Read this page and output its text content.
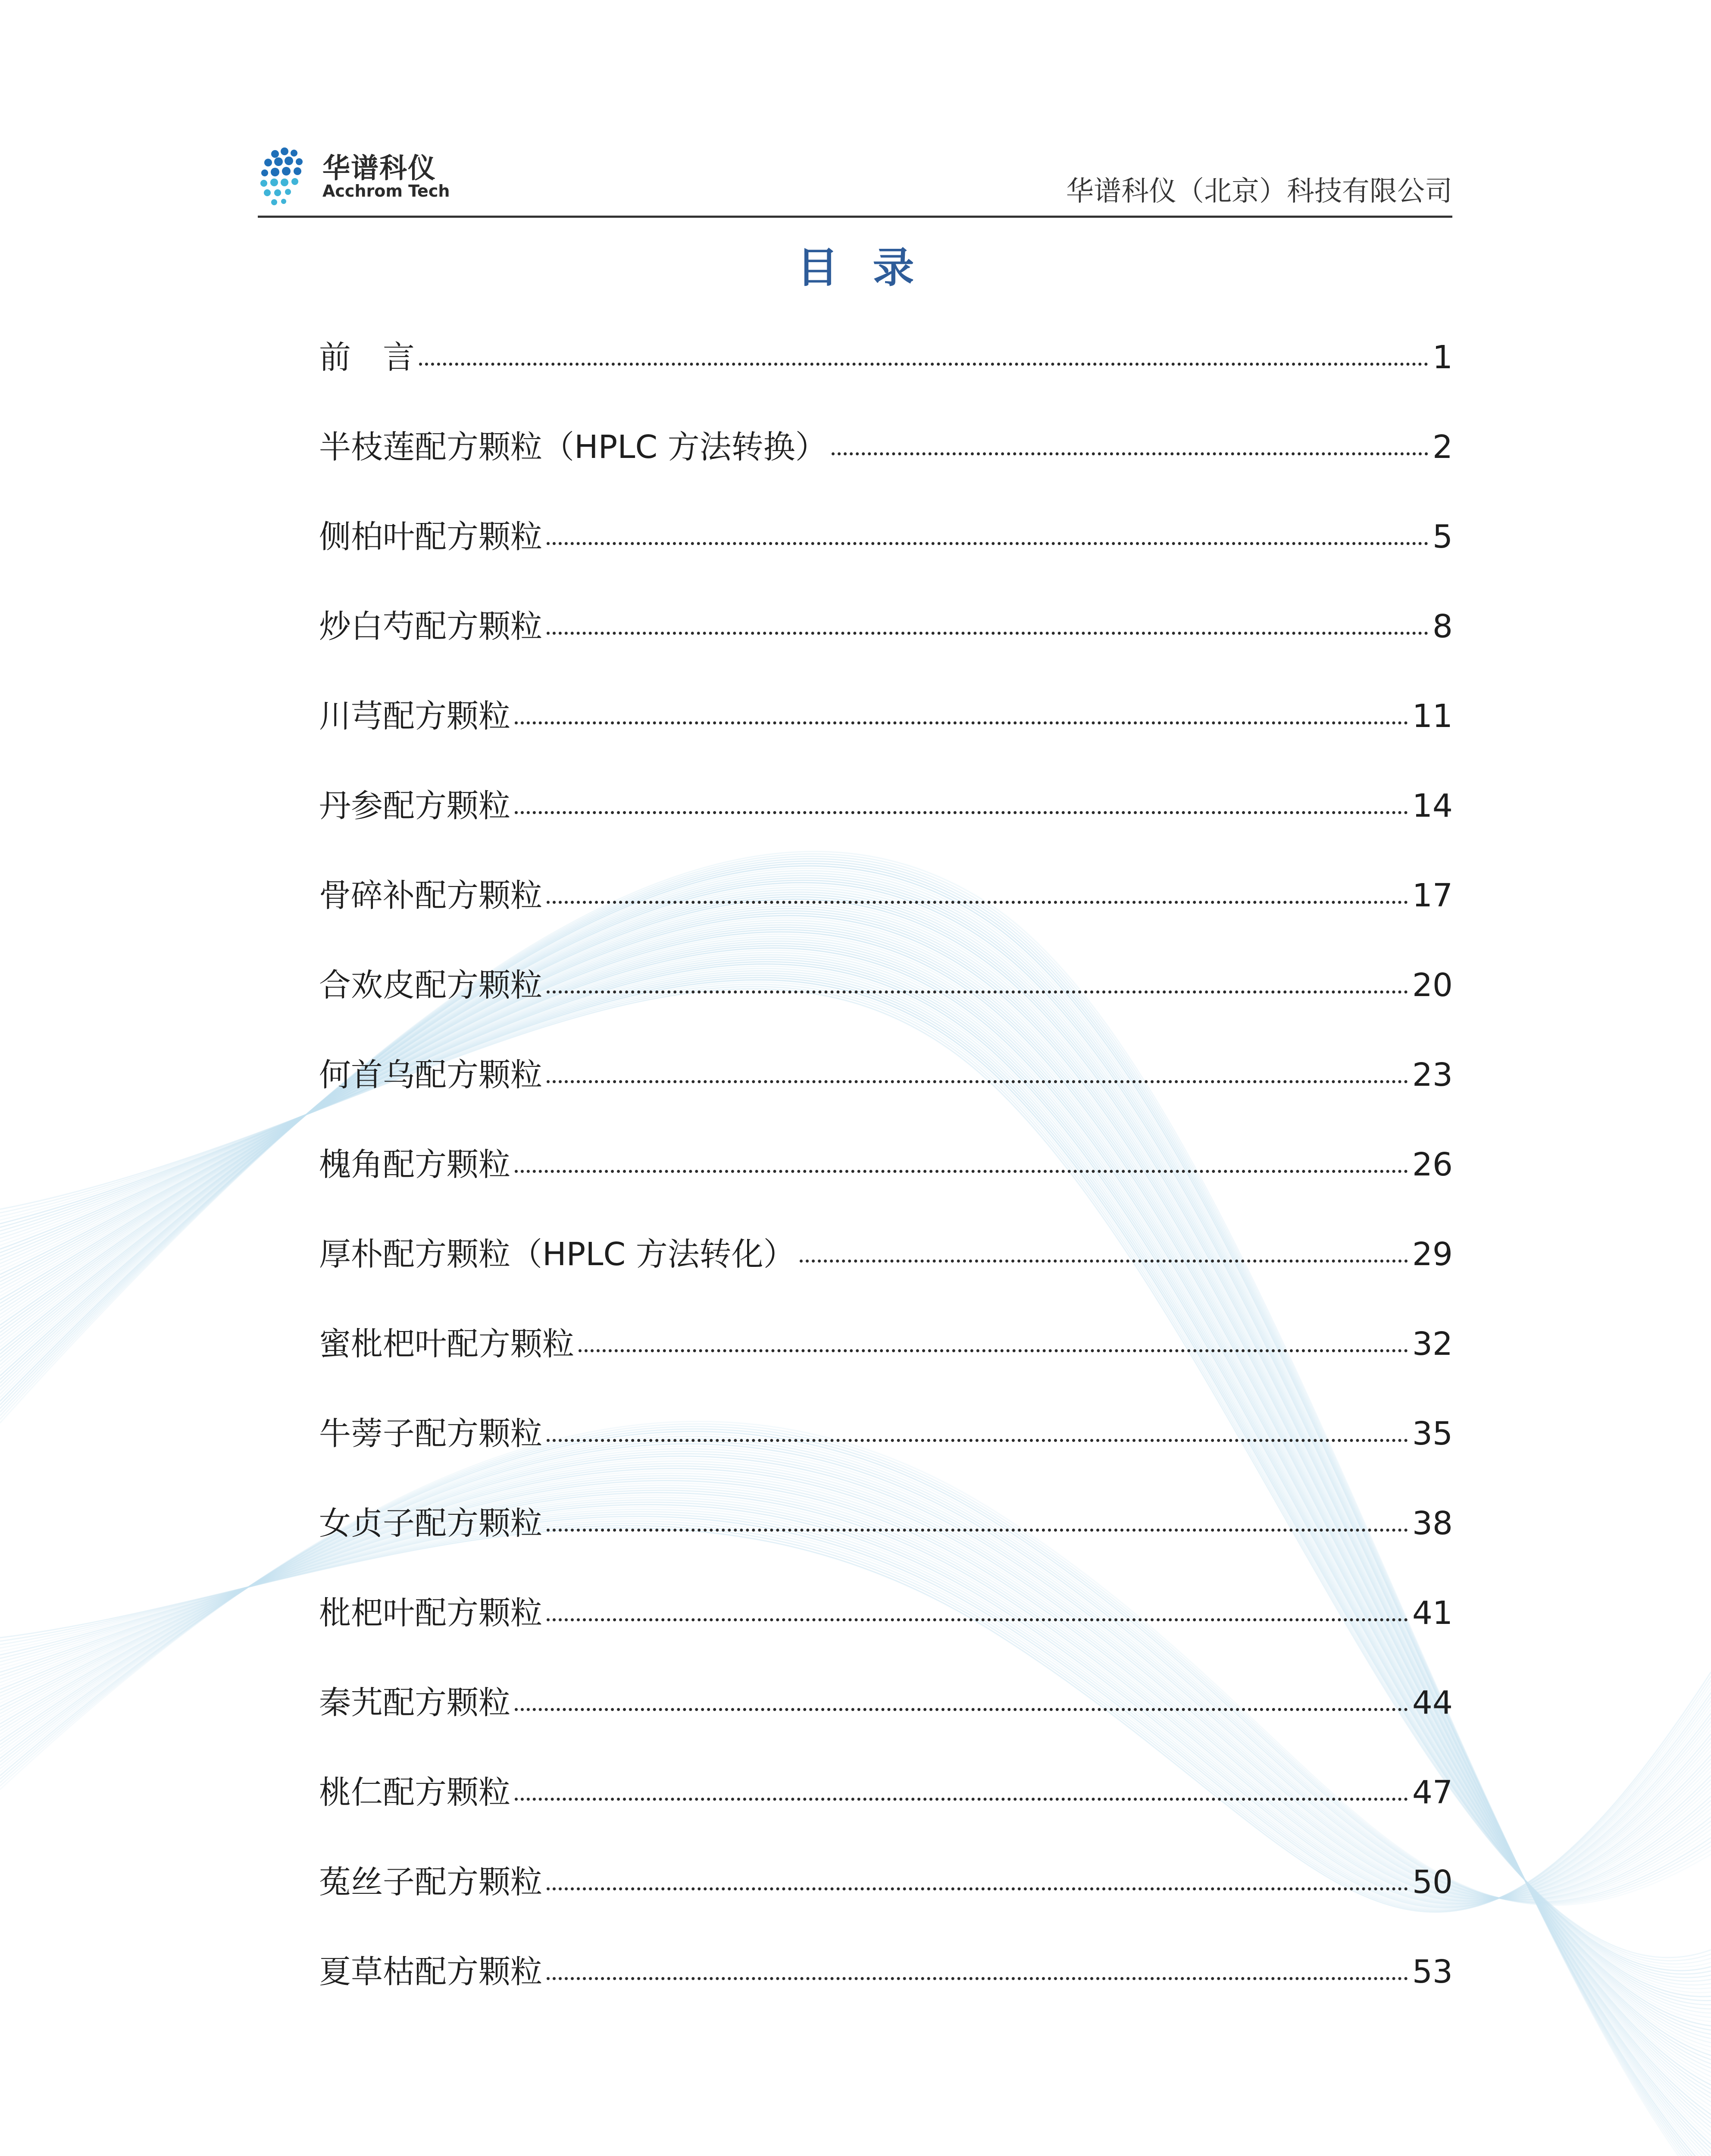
华谱科仪
Acchrom Tech	华谱科仪（北京）科技有限公司
目录
前　言	1
半枝莲配方颗粒（HPLC 方法转换）	2
侧柏叶配方颗粒	5
炒白芍配方颗粒	8
川芎配方颗粒	11
丹参配方颗粒	14
骨碎补配方颗粒	17
合欢皮配方颗粒	20
何首乌配方颗粒	23
槐角配方颗粒	26
厚朴配方颗粒（HPLC 方法转化）	29
蜜枇杷叶配方颗粒	32
牛蒡子配方颗粒	35
女贞子配方颗粒	38
枇杷叶配方颗粒	41
秦艽配方颗粒	44
桃仁配方颗粒	47
菟丝子配方颗粒	50
夏草枯配方颗粒	53
